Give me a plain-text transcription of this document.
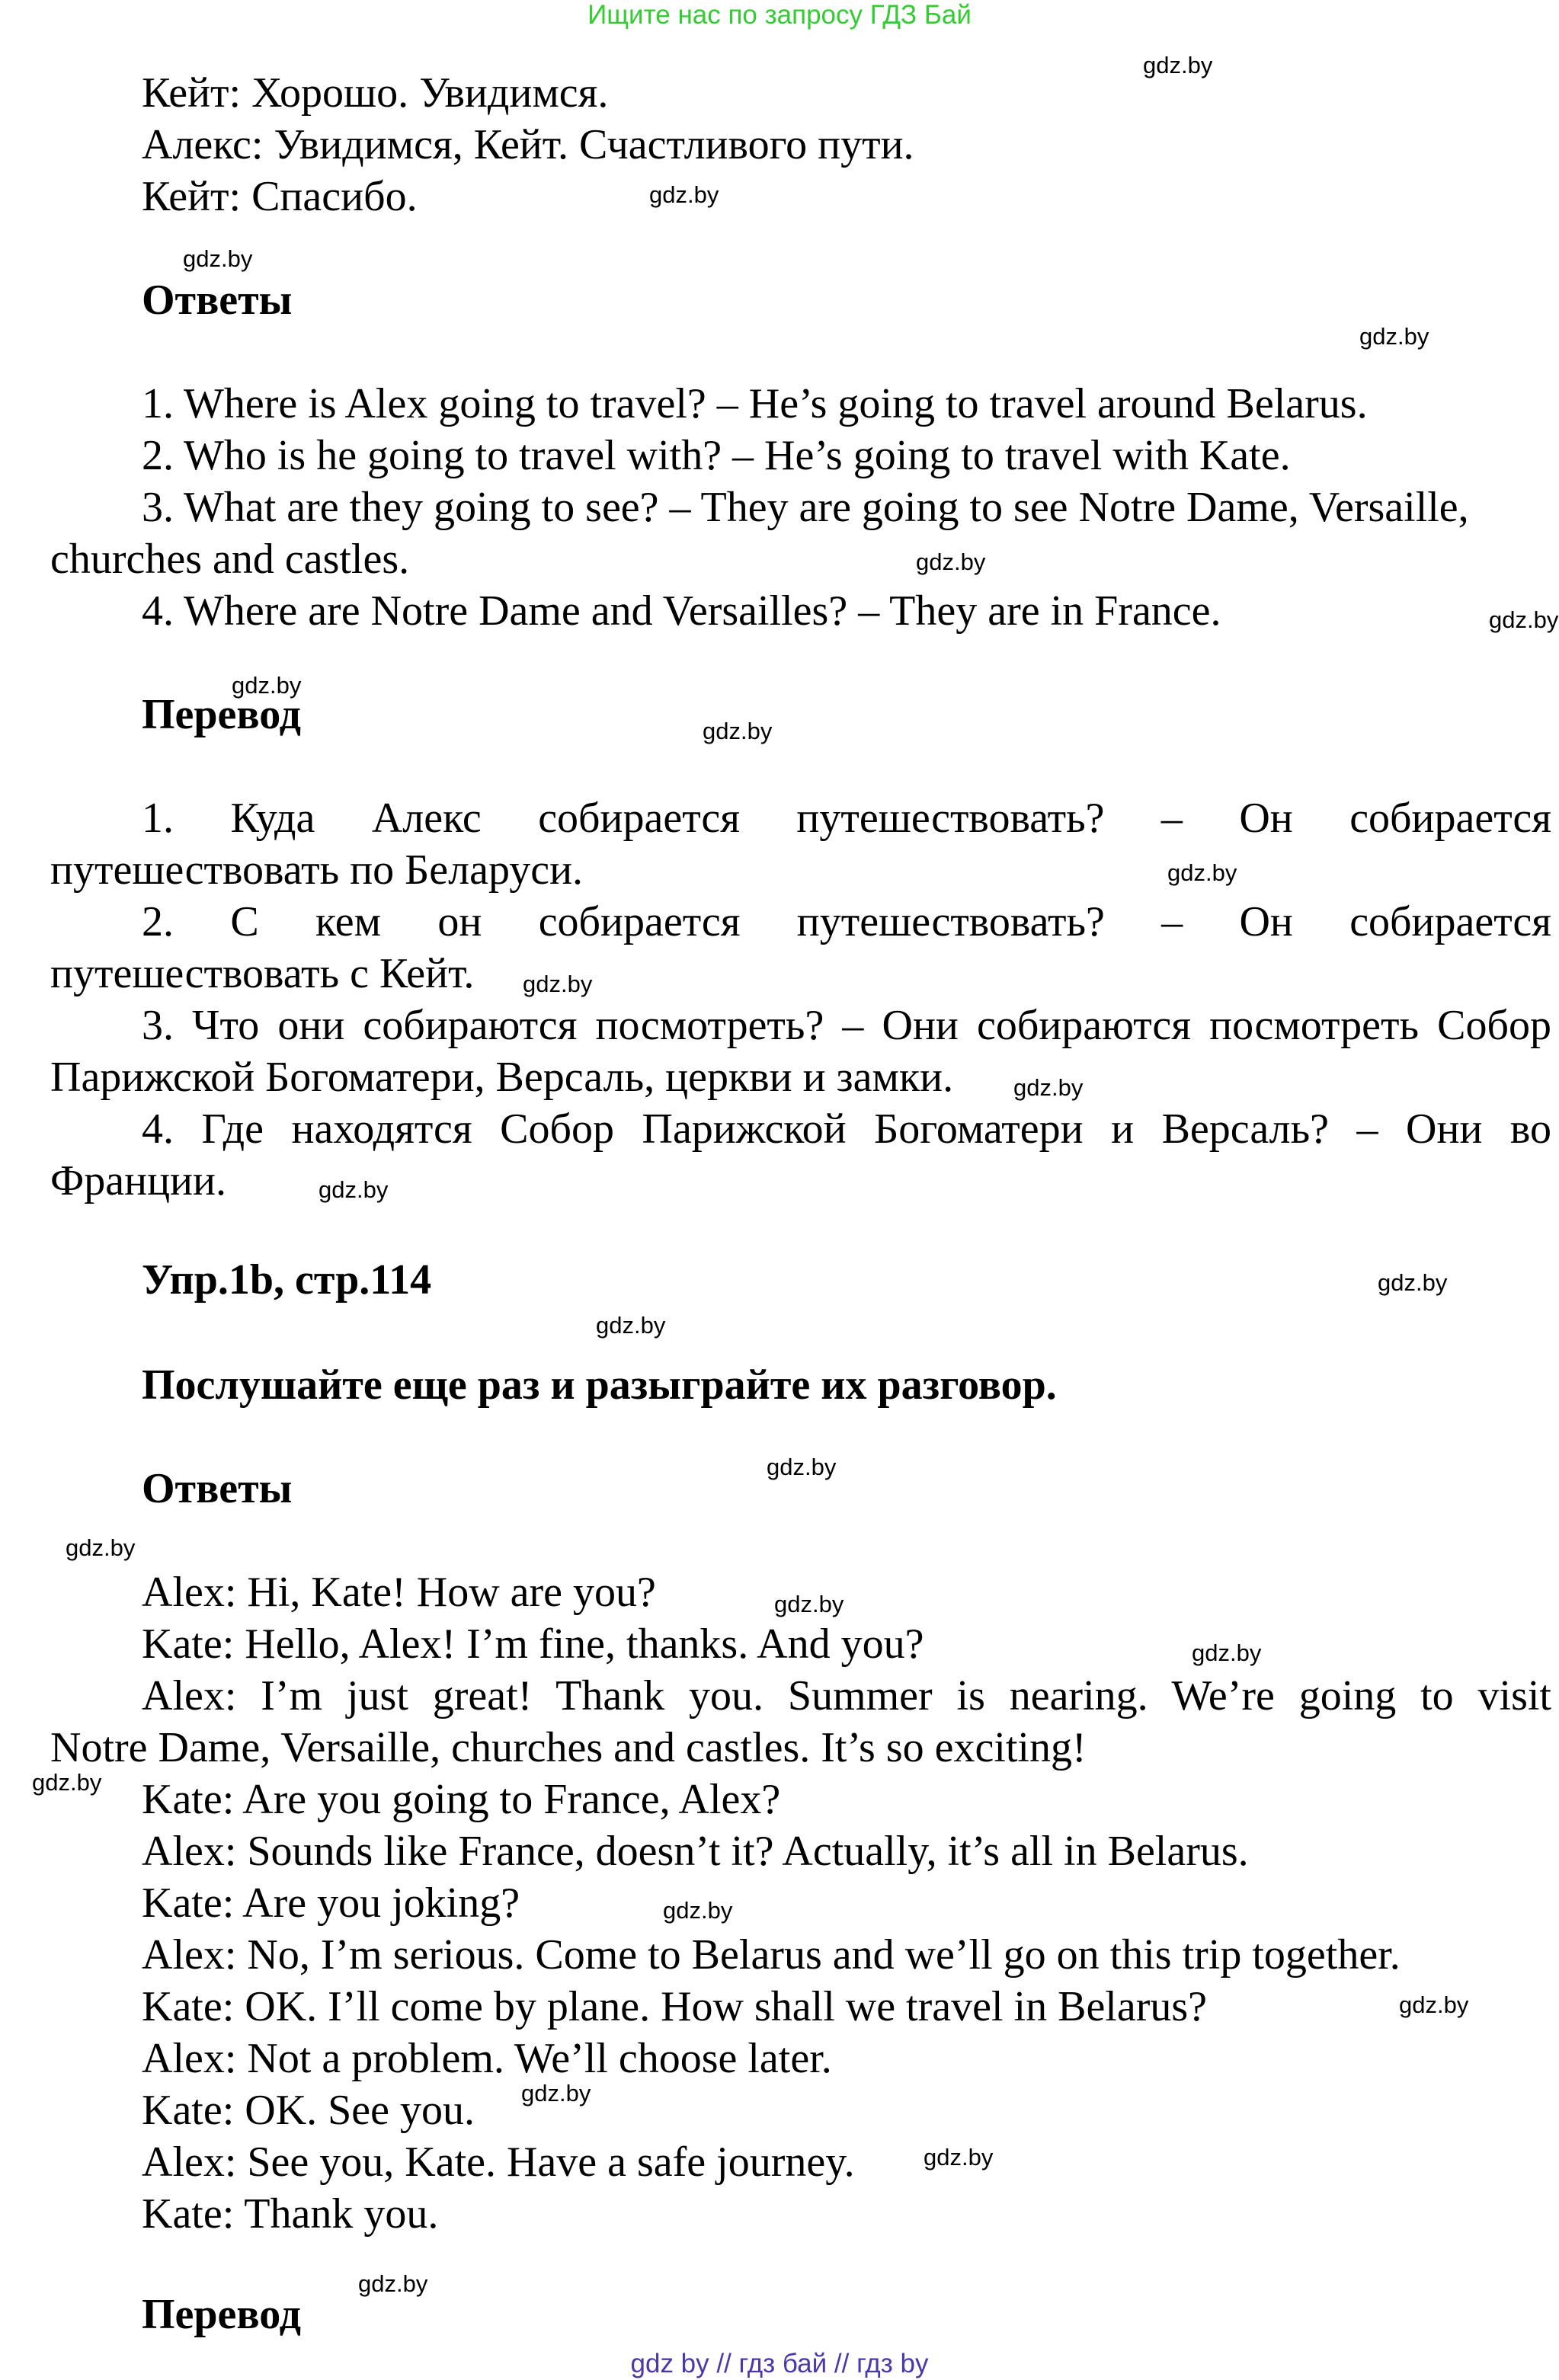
Ищите нас по запросу ГДЗ Бай
Кейт: Хорошо. Увидимся.
Алекс: Увидимся, Кейт. Счастливого пути.
Кейт: Спасибо.
Ответы
1. Where is Alex going to travel? – He’s going to travel around Belarus.
2. Who is he going to travel with? – He’s going to travel with Kate.
3. What are they going to see? – They are going to see Notre Dame, Versaille,
churches and castles.
4. Where are Notre Dame and Versailles? – They are in France.
Перевод
1. Куда Алекс собирается путешествовать? – Он собирается
путешествовать по Беларуси.
2. С кем он собирается путешествовать? – Он собирается
путешествовать с Кейт.
3. Что они собираются посмотреть? – Они собираются посмотреть Собор
Парижской Богоматери, Версаль, церкви и замки.
4. Где находятся Собор Парижской Богоматери и Версаль? – Они во
Франции.
Упр.1b, стр.114
Послушайте еще раз и разыграйте их разговор.
Ответы
Alex: Hi, Kate! How are you?
Kate: Hello, Alex! I’m fine, thanks. And you?
Alex: I’m just great! Thank you. Summer is nearing. We’re going to visit
Notre Dame, Versaille, churches and castles. It’s so exciting!
Kate: Are you going to France, Alex?
Alex: Sounds like France, doesn’t it? Actually, it’s all in Belarus.
Kate: Are you joking?
Alex: No, I’m serious. Come to Belarus and we’ll go on this trip together.
Kate: OK. I’ll come by plane. How shall we travel in Belarus?
Alex: Not a problem. We’ll choose later.
Kate: OK. See you.
Alex: See you, Kate. Have a safe journey.
Kate: Thank you.
Перевод
gdz.by
gdz.by
gdz.by
gdz.by
gdz.by
gdz.by
gdz.by
gdz.by
gdz.by
gdz.by
gdz.by
gdz.by
gdz.by
gdz.by
gdz.by
gdz.by
gdz.by
gdz.by
gdz.by
gdz.by
gdz.by
gdz.by
gdz.by
gdz.by
gdz by // гдз бай // гдз by
